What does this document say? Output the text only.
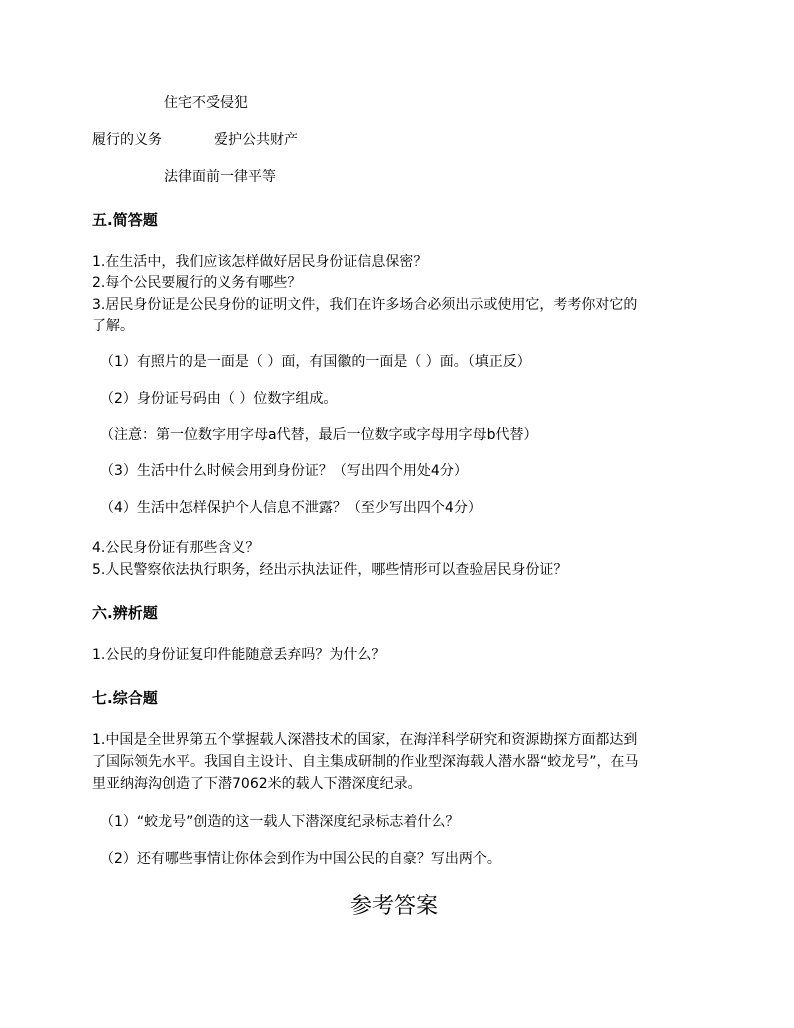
住宅不受侵犯
履行的义务	爱护公共财产
法律面前一律平等
五.简答题
1.在生活中，我们应该怎样做好居民身份证信息保密？
2.每个公民要履行的义务有哪些？
3.居民身份证是公民身份的证明文件，我们在许多场合必须出示或使用它，考考你对它的
了解。
（1）有照片的是一面是（ ）面，有国徽的一面是（ ）面。（填正反）
（2）身份证号码由（ ）位数字组成。
（注意：第一位数字用字母a代替，最后一位数字或字母用字母b代替）
（3）生活中什么时候会用到身份证？（写出四个用处4分）
（4）生活中怎样保护个人信息不泄露？（至少写出四个4分）
4.公民身份证有那些含义？
5.人民警察依法执行职务，经出示执法证件，哪些情形可以查验居民身份证？
六.辨析题
1.公民的身份证复印件能随意丢弃吗？为什么？
七.综合题
1.中国是全世界第五个掌握载人深潜技术的国家，在海洋科学研究和资源勘探方面都达到
了国际领先水平。我国自主设计、自主集成研制的作业型深海载人潜水器“蛟龙号”，在马
里亚纳海沟创造了下潜7062米的载人下潜深度纪录。
（1）“蛟龙号”创造的这一载人下潜深度纪录标志着什么？
（2）还有哪些事情让你体会到作为中国公民的自豪？写出两个。
参考答案
